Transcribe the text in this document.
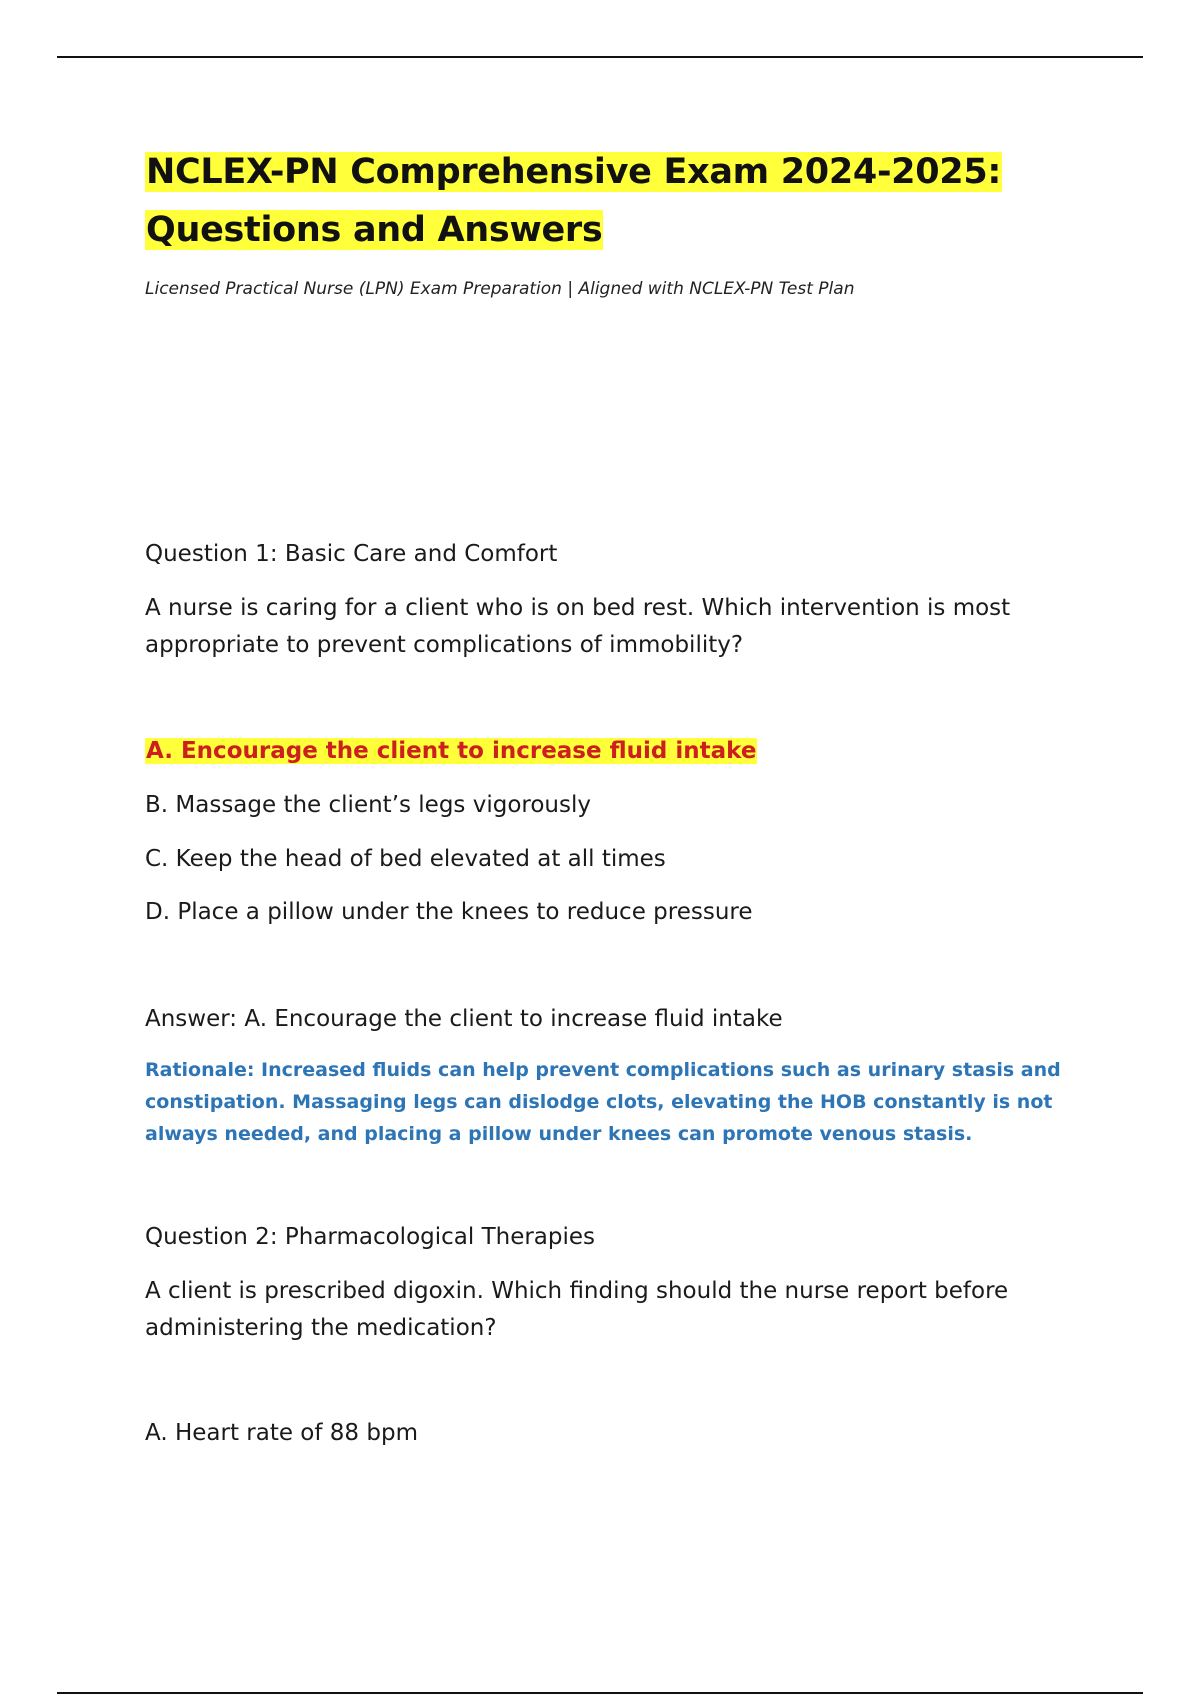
NCLEX-PN Comprehensive Exam 2024-2025:
Questions and Answers
Licensed Practical Nurse (LPN) Exam Preparation | Aligned with NCLEX-PN Test Plan
Question 1: Basic Care and Comfort
A nurse is caring for a client who is on bed rest. Which intervention is most appropriate to prevent complications of immobility?
A. Encourage the client to increase fluid intake
B. Massage the client’s legs vigorously
C. Keep the head of bed elevated at all times
D. Place a pillow under the knees to reduce pressure
Answer: A. Encourage the client to increase fluid intake
Rationale: Increased fluids can help prevent complications such as urinary stasis and constipation. Massaging legs can dislodge clots, elevating the HOB constantly is not always needed, and placing a pillow under knees can promote venous stasis.
Question 2: Pharmacological Therapies
A client is prescribed digoxin. Which finding should the nurse report before administering the medication?
A. Heart rate of 88 bpm
